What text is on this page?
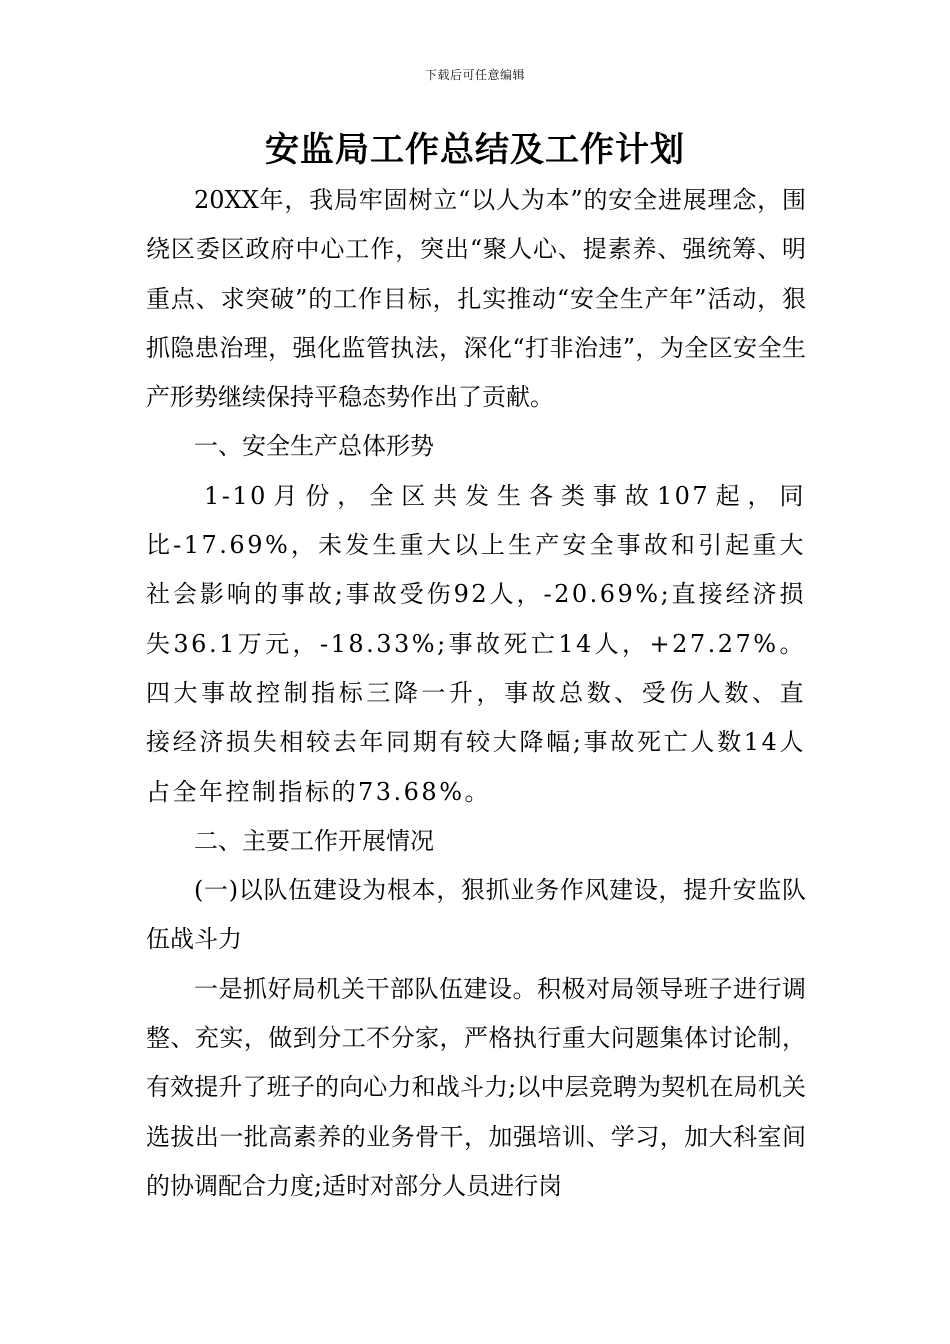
下载后可任意编辑
安监局工作总结及工作计划

20XX年，我局牢固树立“以人为本”的安全进展理念，围绕区委区政府中心工作，突出“聚人心、提素养、强统筹、明重点、求突破”的工作目标，扎实推动“安全生产年”活动，狠抓隐患治理，强化监管执法，深化“打非治违”，为全区安全生产形势继续保持平稳态势作出了贡献。

一、安全生产总体形势

1-10月份，全区共发生各类事故107起，同比-17.69%，未发生重大以上生产安全事故和引起重大社会影响的事故;事故受伤92人，-20.69%;直接经济损失36.1万元，-18.33%;事故死亡14人，+27.27%。四大事故控制指标三降一升，事故总数、受伤人数、直接经济损失相较去年同期有较大降幅;事故死亡人数14人占全年控制指标的73.68%。

二、主要工作开展情况

(一)以队伍建设为根本，狠抓业务作风建设，提升安监队伍战斗力

一是抓好局机关干部队伍建设。积极对局领导班子进行调整、充实，做到分工不分家，严格执行重大问题集体讨论制，有效提升了班子的向心力和战斗力;以中层竞聘为契机在局机关选拔出一批高素养的业务骨干，加强培训、学习，加大科室间的协调配合力度;适时对部分人员进行岗
